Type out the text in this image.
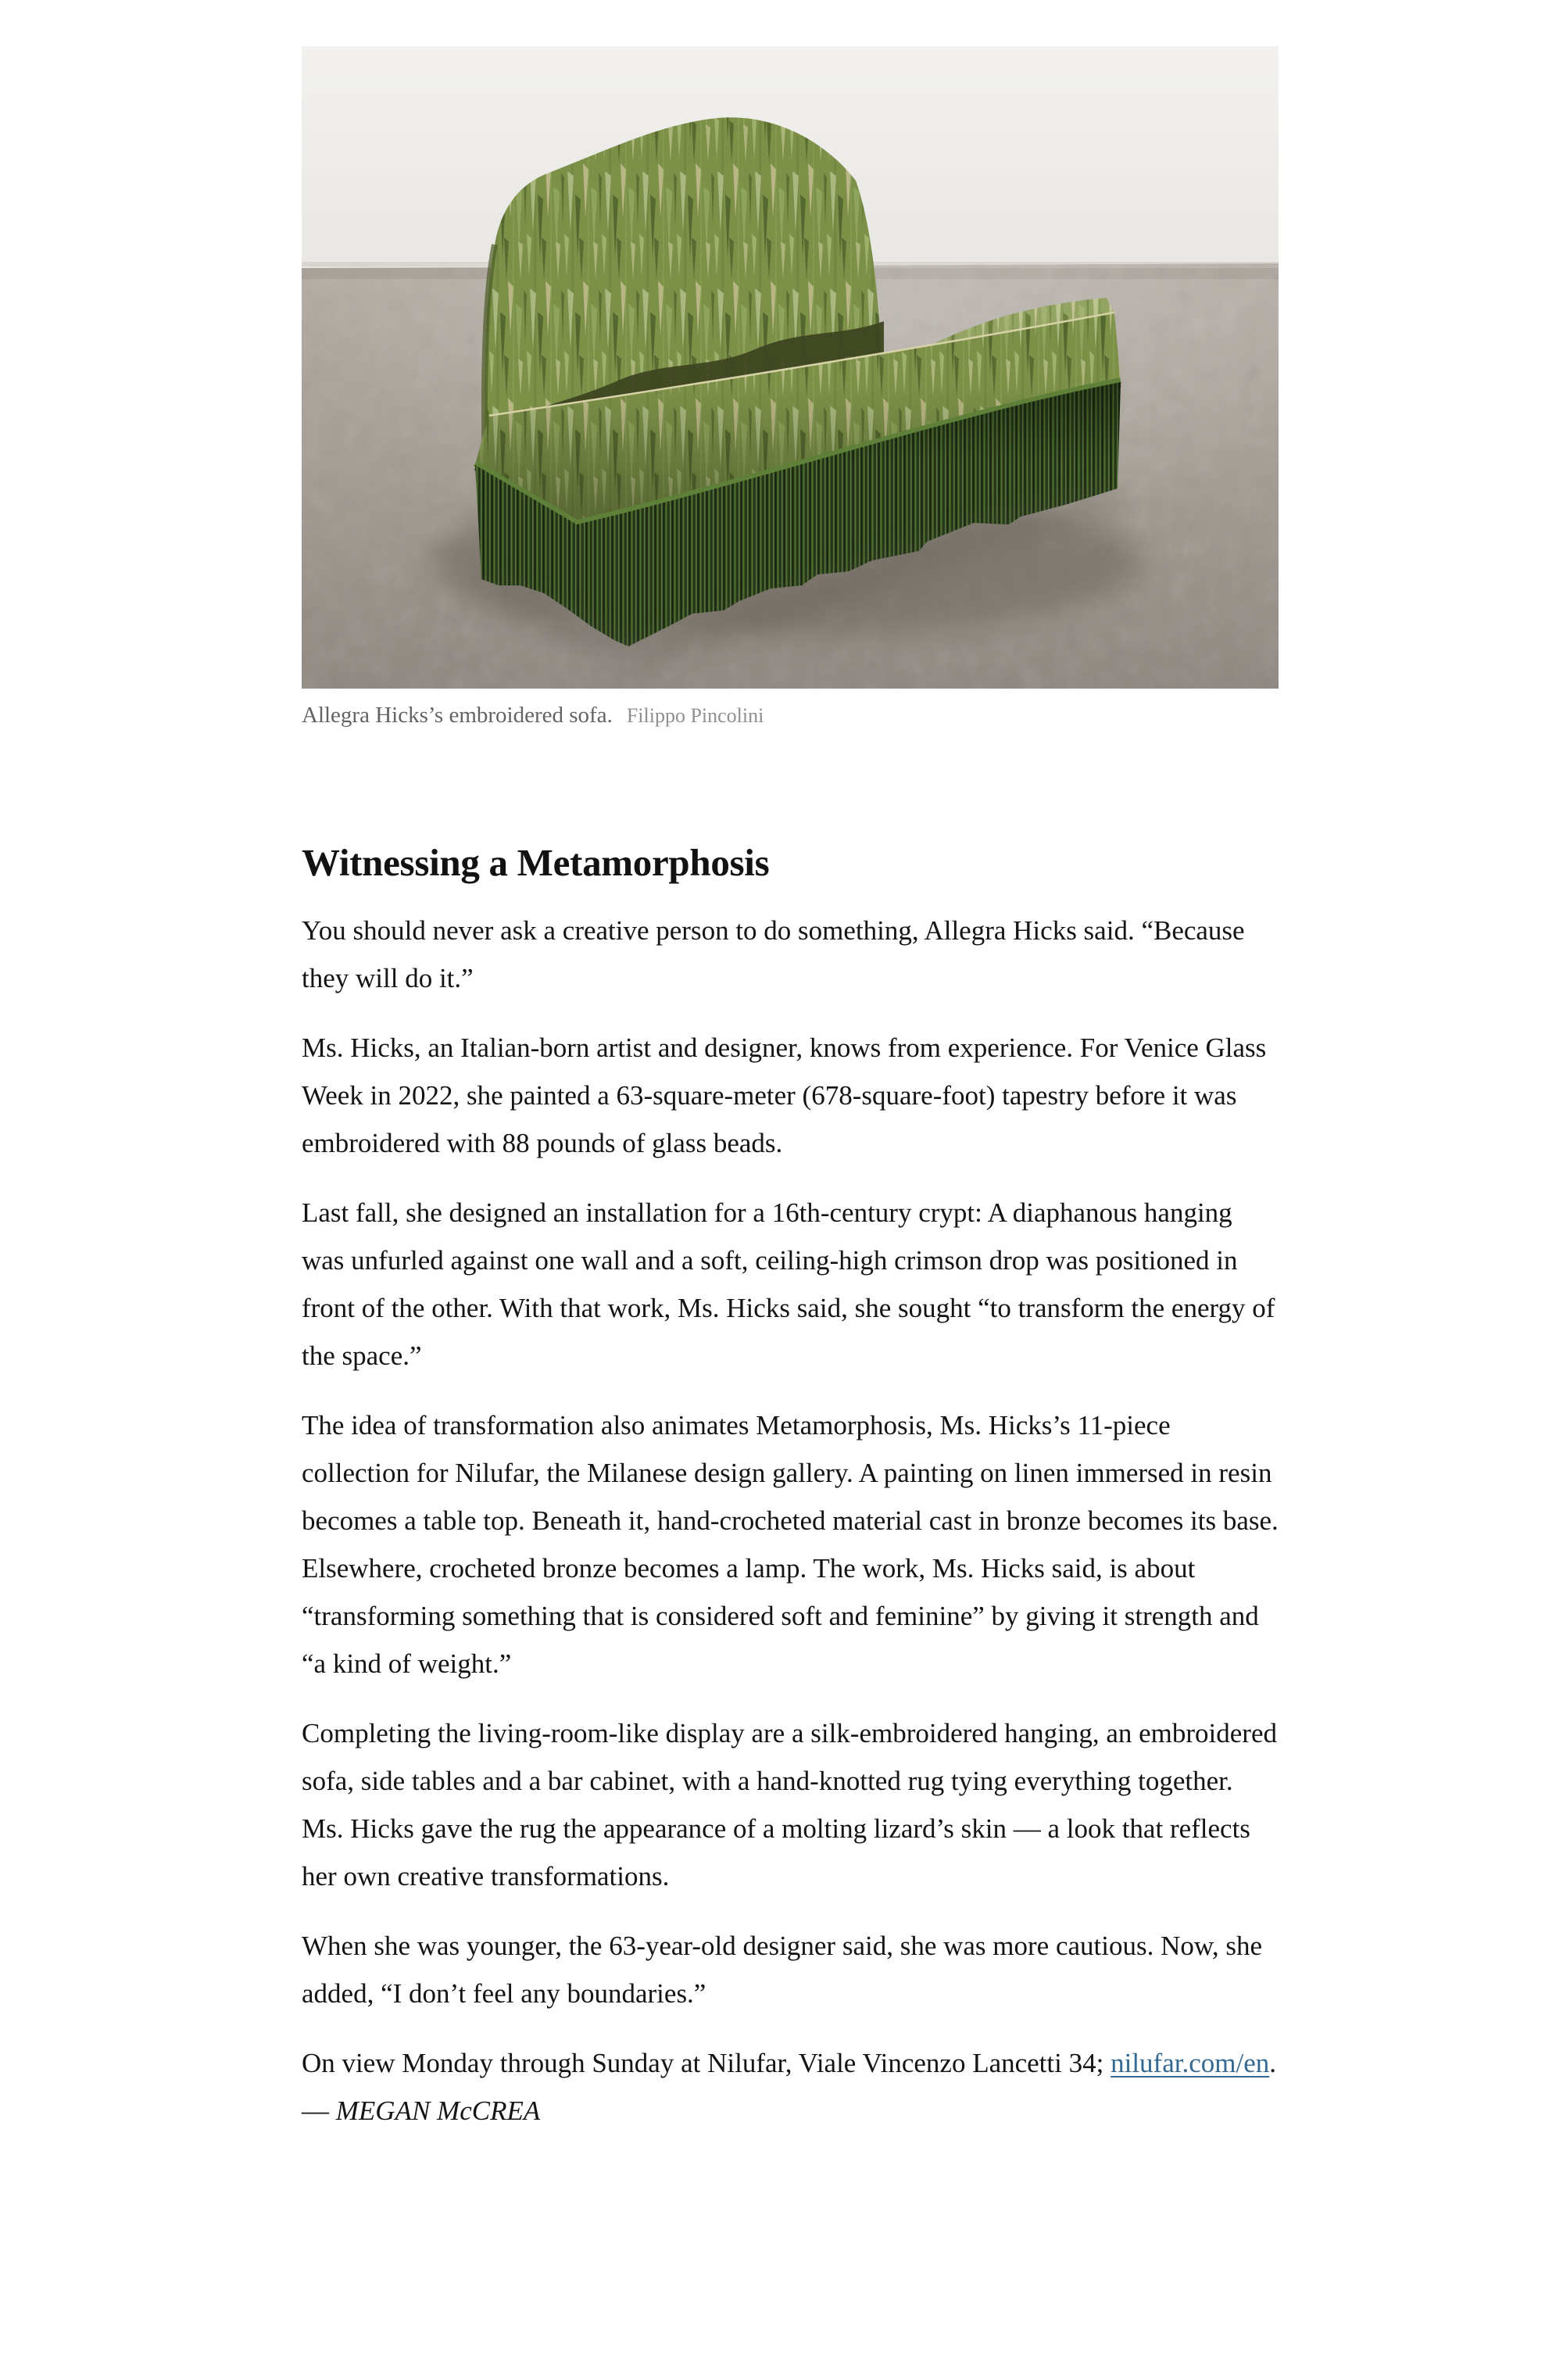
Allegra Hicks’s embroidered sofa. Filippo Pincolini
Witnessing a Metamorphosis

You should never ask a creative person to do something, Allegra Hicks said. “Because they will do it.”

Ms. Hicks, an Italian-born artist and designer, knows from experience. For Venice Glass Week in 2022, she painted a 63-square-meter (678-square-foot) tapestry before it was embroidered with 88 pounds of glass beads.

Last fall, she designed an installation for a 16th-century crypt: A diaphanous hanging was unfurled against one wall and a soft, ceiling-high crimson drop was positioned in front of the other. With that work, Ms. Hicks said, she sought “to transform the energy of the space.”

The idea of transformation also animates Metamorphosis, Ms. Hicks’s 11-piece collection for Nilufar, the Milanese design gallery. A painting on linen immersed in resin becomes a table top. Beneath it, hand-crocheted material cast in bronze becomes its base. Elsewhere, crocheted bronze becomes a lamp. The work, Ms. Hicks said, is about “transforming something that is considered soft and feminine” by giving it strength and “a kind of weight.”

Completing the living-room-like display are a silk-embroidered hanging, an embroidered sofa, side tables and a bar cabinet, with a hand-knotted rug tying everything together. Ms. Hicks gave the rug the appearance of a molting lizard’s skin — a look that reflects her own creative transformations.

When she was younger, the 63-year-old designer said, she was more cautious. Now, she added, “I don’t feel any boundaries.”

On view Monday through Sunday at Nilufar, Viale Vincenzo Lancetti 34; nilufar.com/en. — MEGAN McCREA
